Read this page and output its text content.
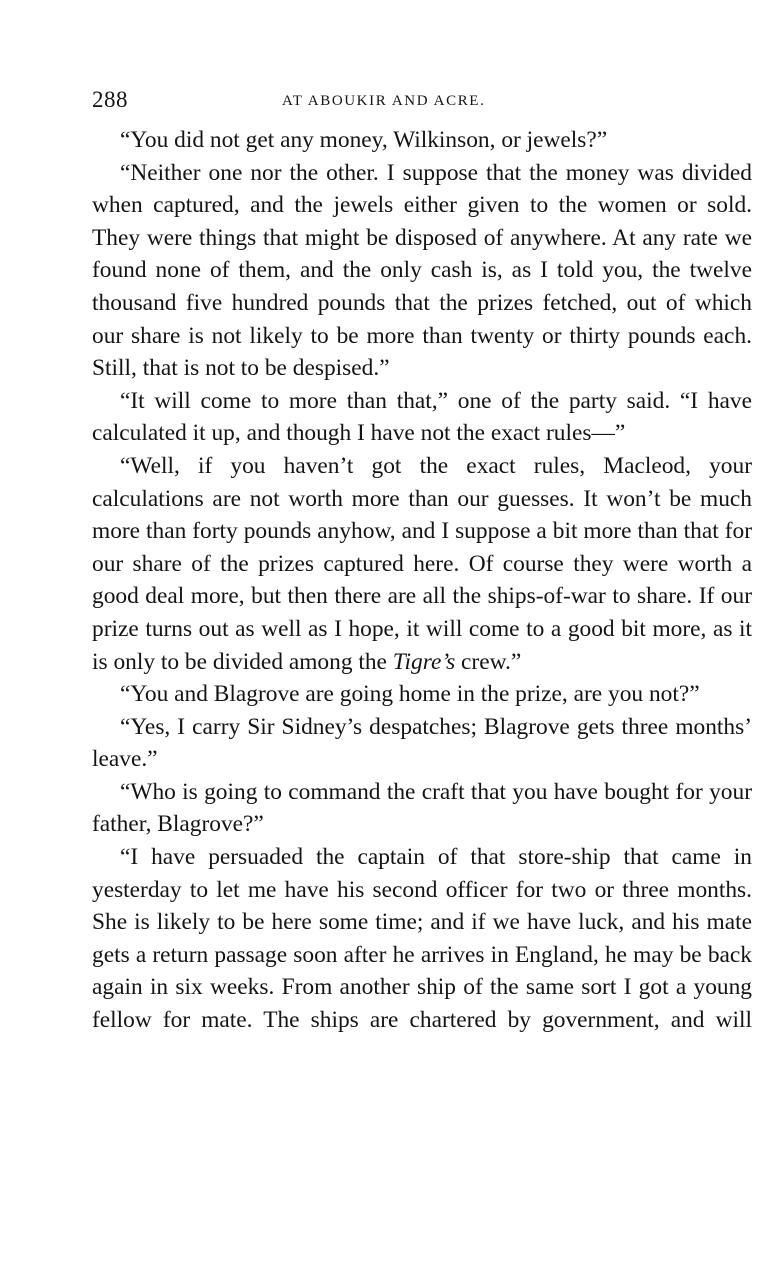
288	AT ABOUKIR AND ACRE.

“You did not get any money, Wilkinson, or jewels?”

“Neither one nor the other. I suppose that the money was divided when captured, and the jewels either given to the women or sold. They were things that might be disposed of anywhere. At any rate we found none of them, and the only cash is, as I told you, the twelve thousand five hundred pounds that the prizes fetched, out of which our share is not likely to be more than twenty or thirty pounds each. Still, that is not to be despised.”

“It will come to more than that,” one of the party said. “I have calculated it up, and though I have not the exact rules—”

“Well, if you haven’t got the exact rules, Macleod, your calculations are not worth more than our guesses. It won’t be much more than forty pounds anyhow, and I suppose a bit more than that for our share of the prizes captured here. Of course they were worth a good deal more, but then there are all the ships-of-war to share. If our prize turns out as well as I hope, it will come to a good bit more, as it is only to be divided among the Tigre’s crew.”

“You and Blagrove are going home in the prize, are you not?”

“Yes, I carry Sir Sidney’s despatches; Blagrove gets three months’ leave.”

“Who is going to command the craft that you have bought for your father, Blagrove?”

“I have persuaded the captain of that store-ship that came in yesterday to let me have his second officer for two or three months. She is likely to be here some time; and if we have luck, and his mate gets a return passage soon after he arrives in England, he may be back again in six weeks. From another ship of the same sort I got a young fellow for mate. The ships are chartered by government, and will
